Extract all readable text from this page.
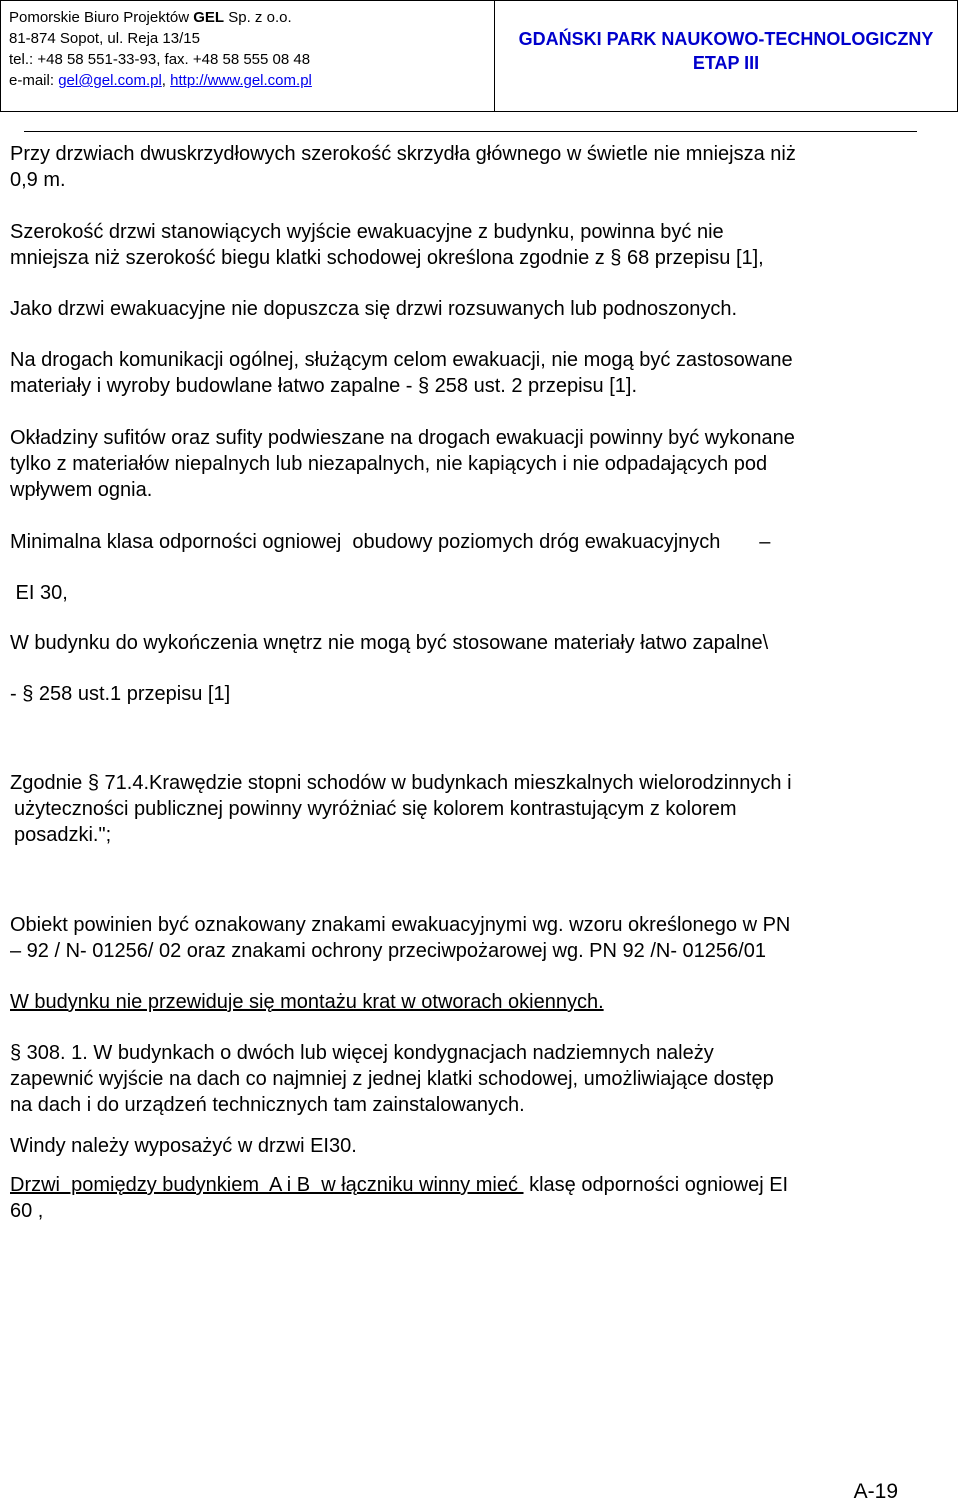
Pomorskie Biuro Projektów GEL Sp. z o.o.
81-874 Sopot, ul. Reja 13/15
tel.: +48 58 551-33-93, fax. +48 58 555 08 48
e-mail: gel@gel.com.pl, http://www.gel.com.pl
GDAŃSKI PARK NAUKOWO-TECHNOLOGICZNY
ETAP III
Przy drzwiach dwuskrzydłowych szerokość skrzydła głównego w świetle nie mniejsza niż
0,9 m.
Szerokość drzwi stanowiących wyjście ewakuacyjne z budynku, powinna być nie
mniejsza niż szerokość biegu klatki schodowej określona zgodnie z § 68 przepisu [1],
Jako drzwi ewakuacyjne nie dopuszcza się drzwi rozsuwanych lub podnoszonych.
Na drogach komunikacji ogólnej, służącym celom ewakuacji, nie mogą być zastosowane
materiały i wyroby budowlane łatwo zapalne - § 258 ust. 2 przepisu [1].
Okładziny sufitów oraz sufity podwieszane na drogach ewakuacji powinny być wykonane
tylko z materiałów niepalnych lub niezapalnych, nie kapiących i nie odpadających pod
wpływem ognia.
Minimalna klasa odporności ogniowej  obudowy poziomych dróg ewakuacyjnych       –
EI 30,
W budynku do wykończenia wnętrz nie mogą być stosowane materiały łatwo zapalne\
- § 258 ust.1 przepisu [1]
Zgodnie § 71.4.Krawędzie stopni schodów w budynkach mieszkalnych wielorodzinnych i
użyteczności publicznej powinny wyróżniać się kolorem kontrastującym z kolorem
posadzki.";
Obiekt powinien być oznakowany znakami ewakuacyjnymi wg. wzoru określonego w PN
– 92 / N- 01256/ 02 oraz znakami ochrony przeciwpożarowej wg. PN 92 /N- 01256/01
W budynku nie przewiduje się montażu krat w otworach okiennych.
§ 308. 1. W budynkach o dwóch lub więcej kondygnacjach nadziemnych należy
zapewnić wyjście na dach co najmniej z jednej klatki schodowej, umożliwiające dostęp
na dach i do urządzeń technicznych tam zainstalowanych.
Windy należy wyposażyć w drzwi EI30.
Drzwi  pomiędzy budynkiem  A i B  w łączniku winny mieć  klasę odporności ogniowej EI
60 ,
A-19
